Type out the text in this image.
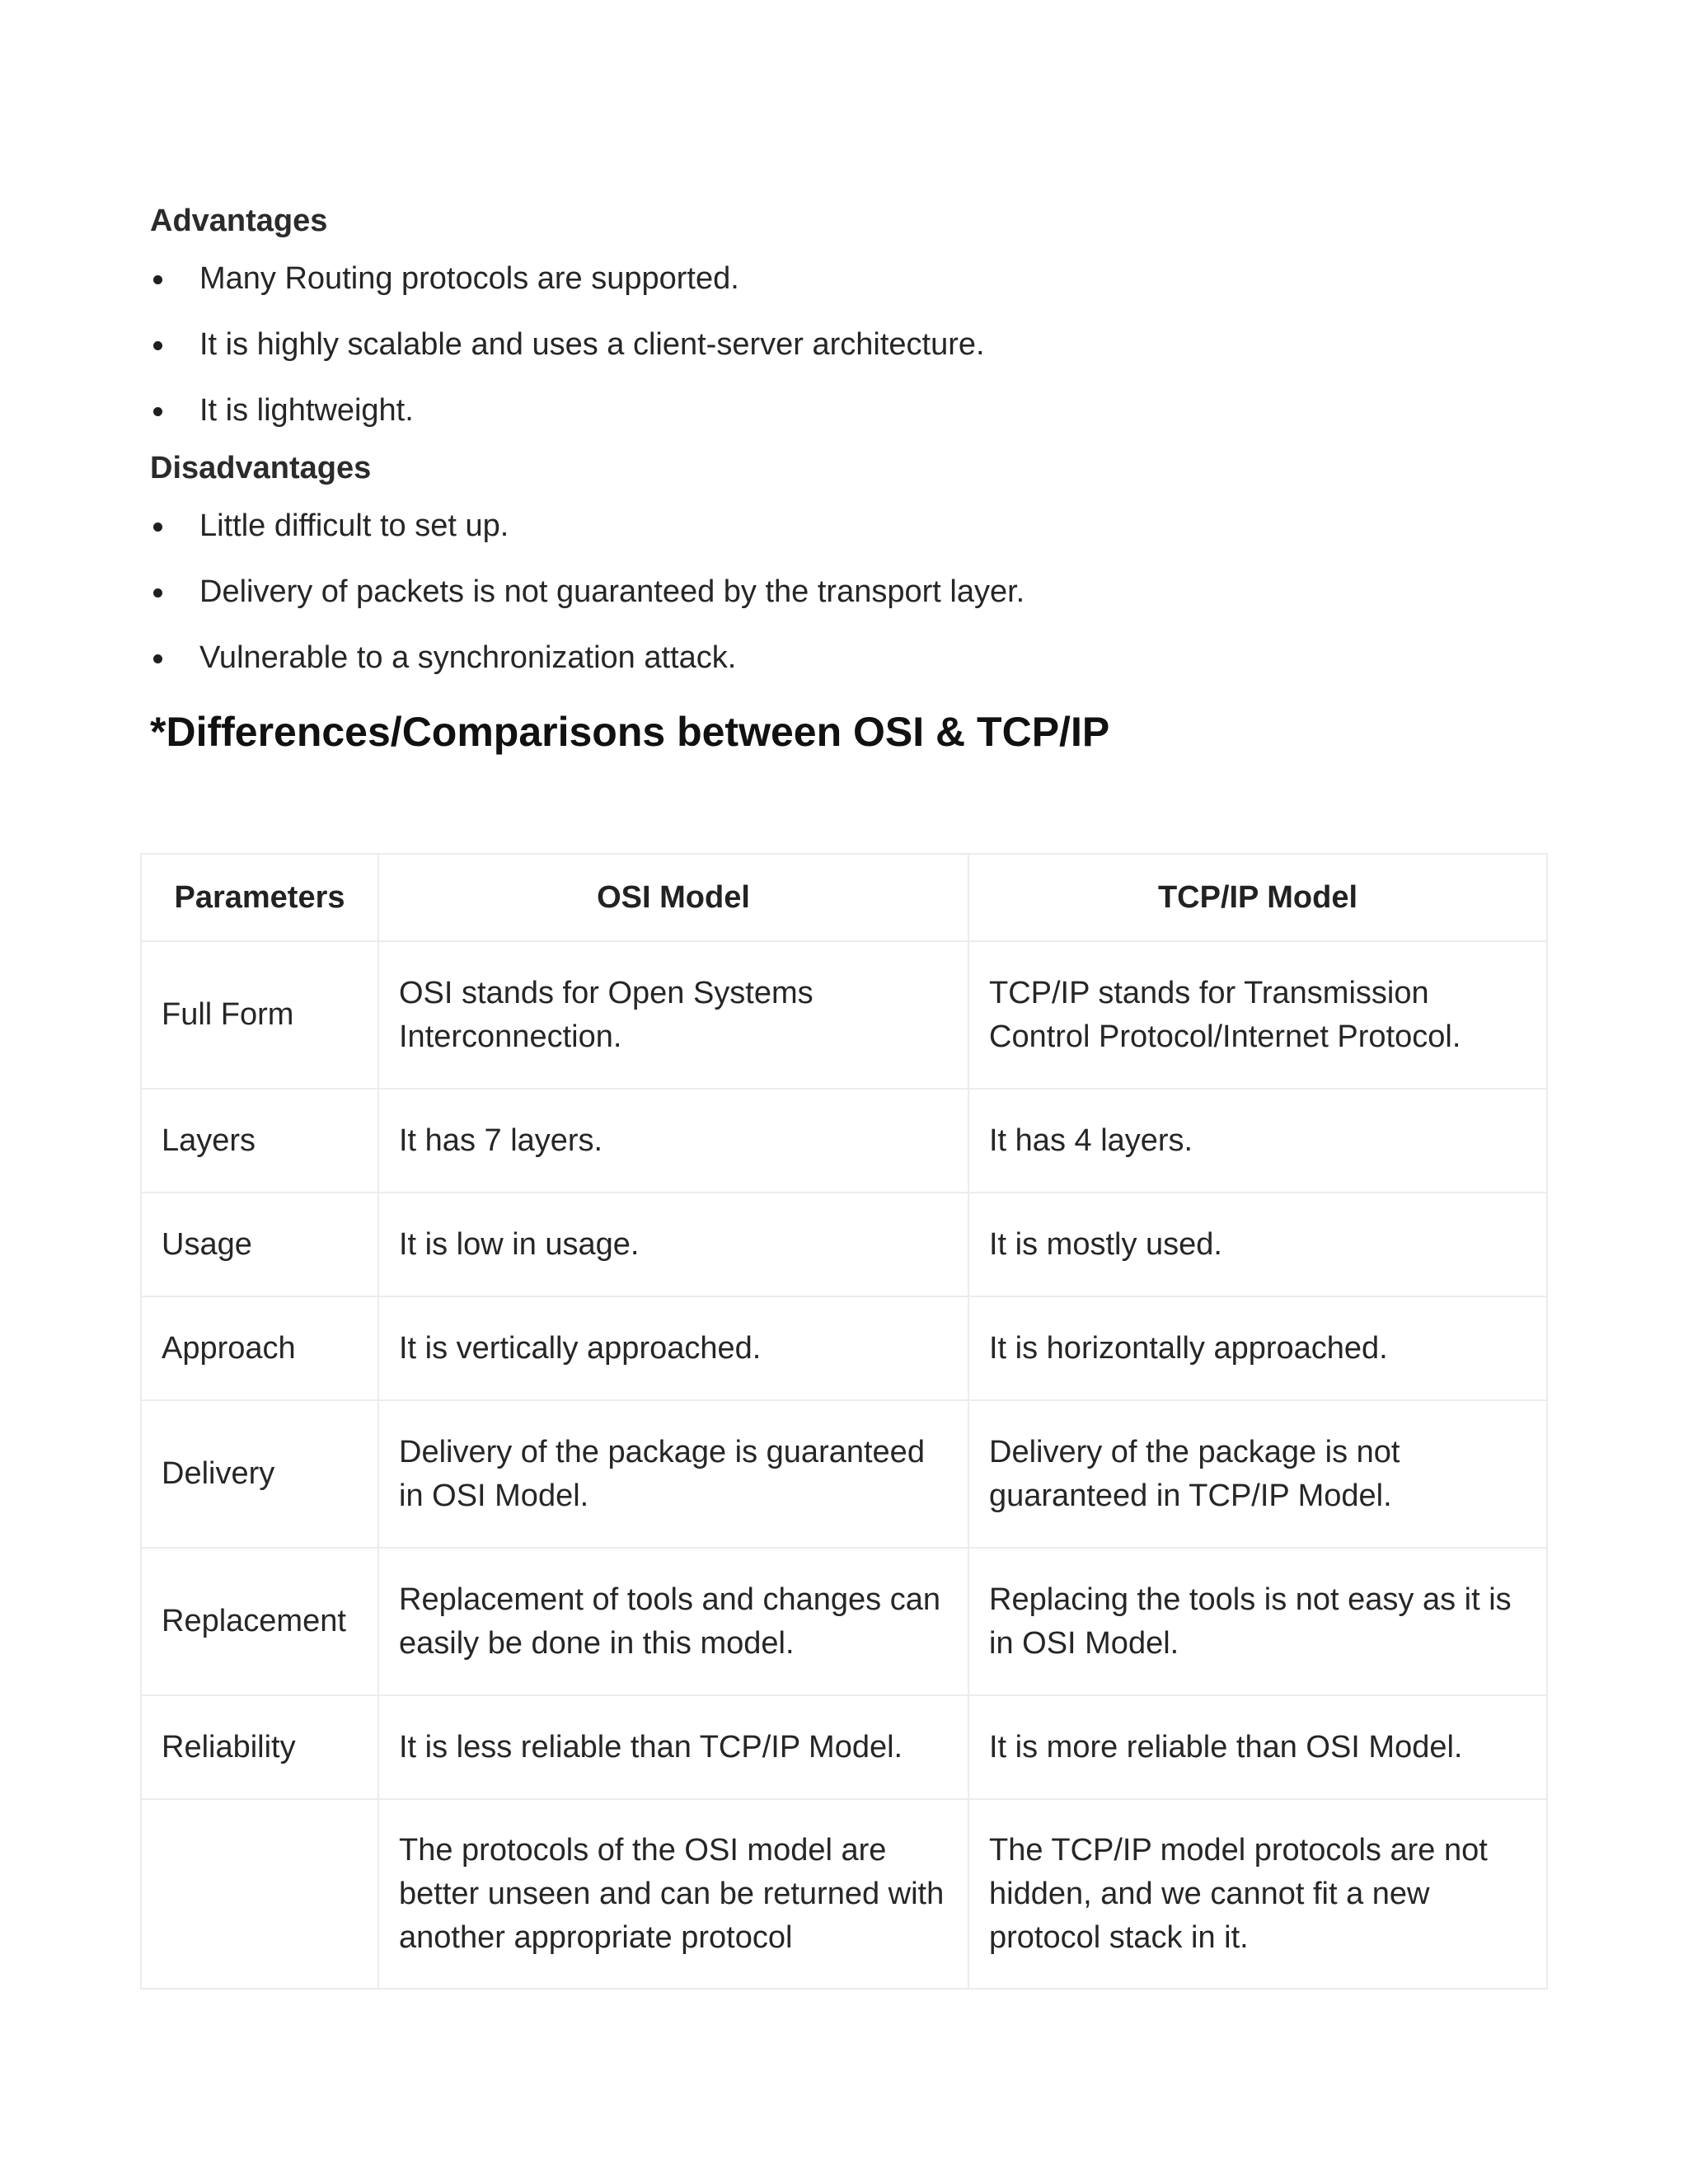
Advantages
Many Routing protocols are supported.
It is highly scalable and uses a client-server architecture.
It is lightweight.
Disadvantages
Little difficult to set up.
Delivery of packets is not guaranteed by the transport layer.
Vulnerable to a synchronization attack.
*Differences/Comparisons between OSI & TCP/IP
Parameters	OSI Model	TCP/IP Model
Full Form	OSI stands for Open Systems Interconnection.	TCP/IP stands for Transmission Control Protocol/Internet Protocol.
Layers	It has 7 layers.	It has 4 layers.
Usage	It is low in usage.	It is mostly used.
Approach	It is vertically approached.	It is horizontally approached.
Delivery	Delivery of the package is guaranteed in OSI Model.	Delivery of the package is not guaranteed in TCP/IP Model.
Replacement	Replacement of tools and changes can easily be done in this model.	Replacing the tools is not easy as it is in OSI Model.
Reliability	It is less reliable than TCP/IP Model.	It is more reliable than OSI Model.
	The protocols of the OSI model are better unseen and can be returned with another appropriate protocol	The TCP/IP model protocols are not hidden, and we cannot fit a new protocol stack in it.
